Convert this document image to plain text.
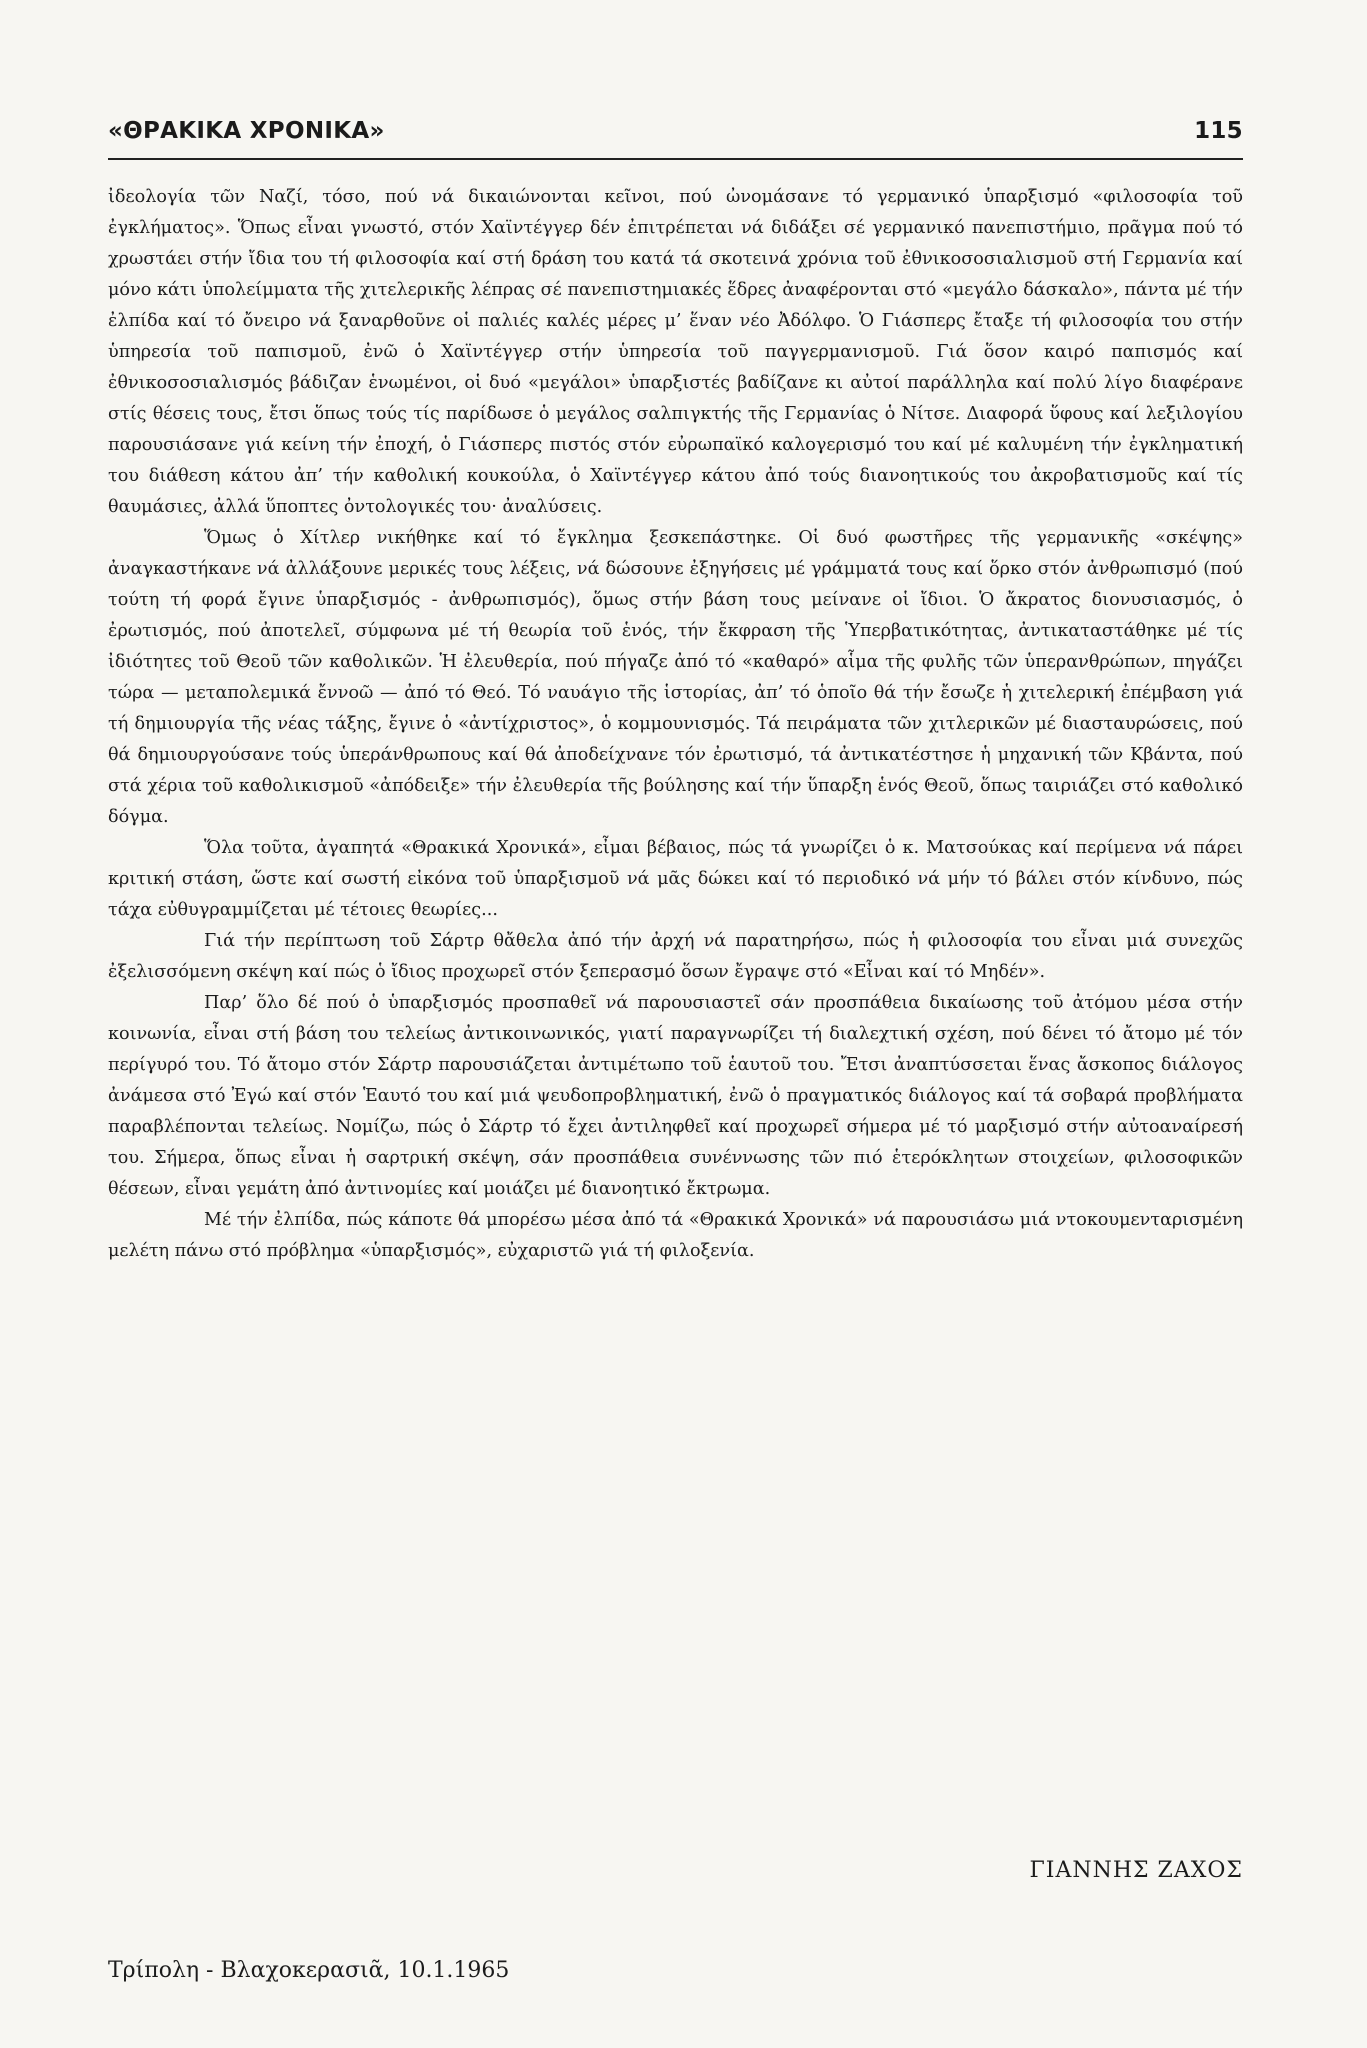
«ΘΡΑΚΙΚΑ ΧΡΟΝΙΚΑ»	115

ἰδεολογία τῶν Ναζί, τόσο, πού νά δικαιώνονται κεῖνοι, πού ὠνομάσανε τό γερμανικό ὑπαρξισμό «φιλοσοφία τοῦ ἐγκλήματος». Ὅπως εἶναι γνωστό, στόν Χαϊντέγγερ δέν ἐπιτρέπεται νά διδάξει σέ γερμανικό πανεπιστήμιο, πρᾶγμα πού τό χρωστάει στήν ἴδια του τή φιλοσοφία καί στή δράση του κατά τά σκοτεινά χρόνια τοῦ ἐθνικοσοσιαλισμοῦ στή Γερμανία καί μόνο κάτι ὑπολείμματα τῆς χιτελερικῆς λέπρας σέ πανεπιστημιακές ἕδρες ἀναφέρονται στό «μεγάλο δάσκαλο», πάντα μέ τήν ἐλπίδα καί τό ὄνειρο νά ξαναρθοῦνε οἱ παλιές καλές μέρες μ’ ἕναν νέο Ἀδόλφο. Ὁ Γιάσπερς ἔταξε τή φιλοσοφία του στήν ὑπηρεσία τοῦ παπισμοῦ, ἐνῶ ὁ Χαϊντέγγερ στήν ὑπηρεσία τοῦ παγγερμανισμοῦ. Γιά ὅσον καιρό παπισμός καί ἐθνικοσοσιαλισμός βάδιζαν ἑνωμένοι, οἱ δυό «μεγάλοι» ὑπαρξιστές βαδίζανε κι αὐτοί παράλληλα καί πολύ λίγο διαφέρανε στίς θέσεις τους, ἔτσι ὅπως τούς τίς παρίδωσε ὁ μεγάλος σαλπιγκτής τῆς Γερμανίας ὁ Νίτσε. Διαφορά ὕφους καί λεξιλογίου παρουσιάσανε γιά κείνη τήν ἐποχή, ὁ Γιάσπερς πιστός στόν εὐρωπαϊκό καλογερισμό του καί μέ καλυμένη τήν ἐγκληματική του διάθεση κάτου ἀπ’ τήν καθολική κουκούλα, ὁ Χαϊντέγγερ κάτου ἀπό τούς διανοητικούς του ἀκροβατισμοῦς καί τίς θαυμάσιες, ἀλλά ὕποπτες ὀντολογικές του· ἀναλύσεις.

Ὅμως ὁ Χίτλερ νικήθηκε καί τό ἔγκλημα ξεσκεπάστηκε. Οἱ δυό φωστῆρες τῆς γερμανικῆς «σκέψης» ἀναγκαστήκανε νά ἀλλάξουνε μερικές τους λέξεις, νά δώσουνε ἐξηγήσεις μέ γράμματά τους καί ὅρκο στόν ἀνθρωπισμό (πού τούτη τή φορά ἔγινε ὑπαρξισμός - ἀνθρωπισμός), ὅμως στήν βάση τους μείνανε οἱ ἴδιοι. Ὁ ἄκρατος διονυσιασμός, ὁ ἐρωτισμός, πού ἀποτελεῖ, σύμφωνα μέ τή θεωρία τοῦ ἑνός, τήν ἔκφραση τῆς Ὑπερβατικότητας, ἀντικαταστάθηκε μέ τίς ἰδιότητες τοῦ Θεοῦ τῶν καθολικῶν. Ἡ ἐλευθερία, πού πήγαζε ἀπό τό «καθαρό» αἷμα τῆς φυλῆς τῶν ὑπερανθρώπων, πηγάζει τώρα — μεταπολεμικά ἔννοῶ — ἀπό τό Θεό. Τό ναυάγιο τῆς ἱστορίας, ἀπ’ τό ὁποῖο θά τήν ἔσωζε ἡ χιτελερική ἐπέμβαση γιά τή δημιουργία τῆς νέας τάξης, ἔγινε ὁ «ἀντίχριστος», ὁ κομμουνισμός. Τά πειράματα τῶν χιτλερικῶν μέ διασταυρώσεις, πού θά δημιουργούσανε τούς ὑπεράνθρωπους καί θά ἀποδείχνανε τόν ἐρωτισμό, τά ἀντικατέστησε ἡ μηχανική τῶν Κβάντα, πού στά χέρια τοῦ καθολικισμοῦ «ἀπόδειξε» τήν ἐλευθερία τῆς βούλησης καί τήν ὕπαρξη ἑνός Θεοῦ, ὅπως ταιριάζει στό καθολικό δόγμα.

Ὅλα τοῦτα, ἀγαπητά «Θρακικά Χρονικά», εἶμαι βέβαιος, πώς τά γνωρίζει ὁ κ. Ματσούκας καί περίμενα νά πάρει κριτική στάση, ὥστε καί σωστή εἰκόνα τοῦ ὑπαρξισμοῦ νά μᾶς δώκει καί τό περιοδικό νά μήν τό βάλει στόν κίνδυνο, πώς τάχα εὐθυγραμμίζεται μέ τέτοιες θεωρίες...

Γιά τήν περίπτωση τοῦ Σάρτρ θἄθελα ἀπό τήν ἀρχή νά παρατηρήσω, πώς ἡ φιλοσοφία του εἶναι μιά συνεχῶς ἐξελισσόμενη σκέψη καί πώς ὁ ἴδιος προχωρεῖ στόν ξεπερασμό ὅσων ἔγραψε στό «Εἶναι καί τό Μηδέν».

Παρ’ ὅλο δέ πού ὁ ὑπαρξισμός προσπαθεῖ νά παρουσιαστεῖ σάν προσπάθεια δικαίωσης τοῦ ἀτόμου μέσα στήν κοινωνία, εἶναι στή βάση του τελείως ἀντικοινωνικός, γιατί παραγνωρίζει τή διαλεχτική σχέση, πού δένει τό ἄτομο μέ τόν περίγυρό του. Τό ἄτομο στόν Σάρτρ παρουσιάζεται ἀντιμέτωπο τοῦ ἑαυτοῦ του. Ἔτσι ἀναπτύσσεται ἕνας ἄσκοπος διάλογος ἀνάμεσα στό Ἐγώ καί στόν Ἑαυτό του καί μιά ψευδοπροβληματική, ἐνῶ ὁ πραγματικός διάλογος καί τά σοβαρά προβλήματα παραβλέπονται τελείως. Νομίζω, πώς ὁ Σάρτρ τό ἔχει ἀντιληφθεῖ καί προχωρεῖ σήμερα μέ τό μαρξισμό στήν αὐτοαναίρεσή του. Σήμερα, ὅπως εἶναι ἡ σαρτρική σκέψη, σάν προσπάθεια συνέννωσης τῶν πιό ἑτερόκλητων στοιχείων, φιλοσοφικῶν θέσεων, εἶναι γεμάτη ἀπό ἀντινομίες καί μοιάζει μέ διανοητικό ἔκτρωμα.

Μέ τήν ἐλπίδα, πώς κάποτε θά μπορέσω μέσα ἀπό τά «Θρακικά Χρονικά» νά παρουσιάσω μιά ντοκουμενταρισμένη μελέτη πάνω στό πρόβλημα «ὑπαρξισμός», εὐχαριστῶ γιά τή φιλοξενία.

ΓΙΑΝΝΗΣ ΖΑΧΟΣ
Τρίπολη - Βλαχοκερασιᾶ, 10.1.1965
